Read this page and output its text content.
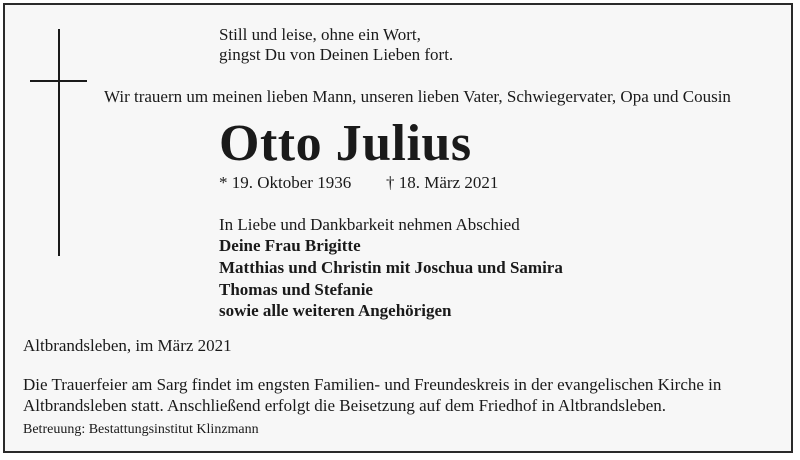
Still und leise, ohne ein Wort,
gingst Du von Deinen Lieben fort.
Wir trauern um meinen lieben Mann, unseren lieben Vater, Schwiegervater, Opa und Cousin
Otto Julius
* 19. Oktober 1936 † 18. März 2021
In Liebe und Dankbarkeit nehmen Abschied
Deine Frau Brigitte
Matthias und Christin mit Joschua und Samira
Thomas und Stefanie
sowie alle weiteren Angehörigen
Altbrandsleben, im März 2021
Die Trauerfeier am Sarg findet im engsten Familien- und Freundeskreis in der evangelischen Kirche in
Altbrandsleben statt. Anschließend erfolgt die Beisetzung auf dem Friedhof in Altbrandsleben.
Betreuung: Bestattungsinstitut Klinzmann
